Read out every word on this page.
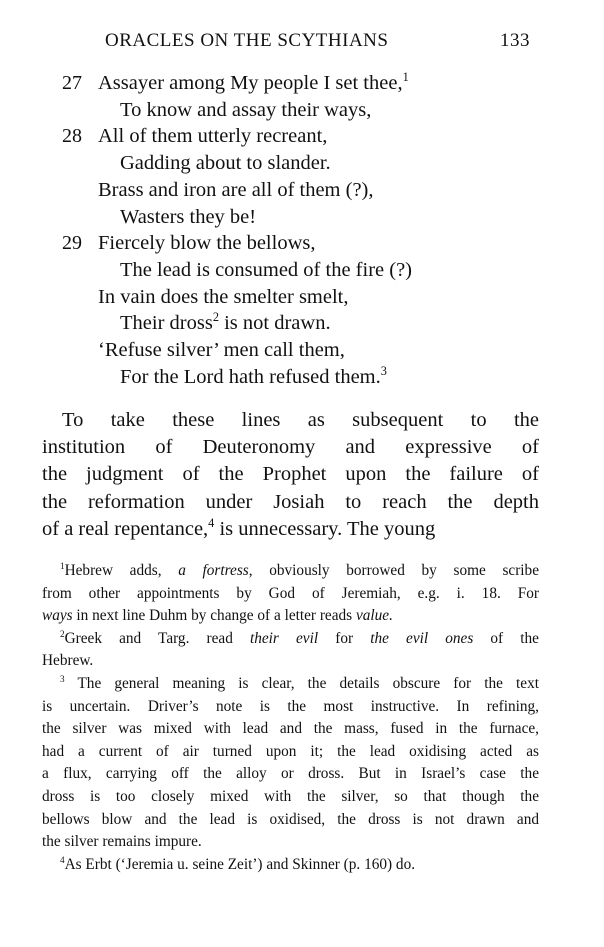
ORACLES ON THE SCYTHIANS	133
27 Assayer among My people I set thee,$^1$
To know and assay their ways,
28 All of them utterly recreant,
Gadding about to slander.
Brass and iron are all of them (?),
Wasters they be!
29 Fiercely blow the bellows,
The lead is consumed of the fire (?)
In vain does the smelter smelt,
Their dross$^2$ is not drawn.
‘Refuse silver’ men call them,
For the Lord hath refused them.$^3$
To take these lines as subsequent to the
institution of Deuteronomy and expressive of
the judgment of the Prophet upon the failure of
the reformation under Josiah to reach the depth
of a real repentance,$^4$ is unnecessary. The young
$^1$Hebrew adds, a fortress, obviously borrowed by some scribe
from other appointments by God of Jeremiah, e.g. i. 18. For
ways in next line Duhm by change of a letter reads value.
$^2$Greek and Targ. read their evil for the evil ones of the
Hebrew.
$^3$ The general meaning is clear, the details obscure for the text
is uncertain. Driver’s note is the most instructive. In refining,
the silver was mixed with lead and the mass, fused in the furnace,
had a current of air turned upon it; the lead oxidising acted as
a flux, carrying off the alloy or dross. But in Israel’s case the
dross is too closely mixed with the silver, so that though the
bellows blow and the lead is oxidised, the dross is not drawn and
the silver remains impure.
$^4$As Erbt (‘Jeremia u. seine Zeit’) and Skinner (p. 160) do.
